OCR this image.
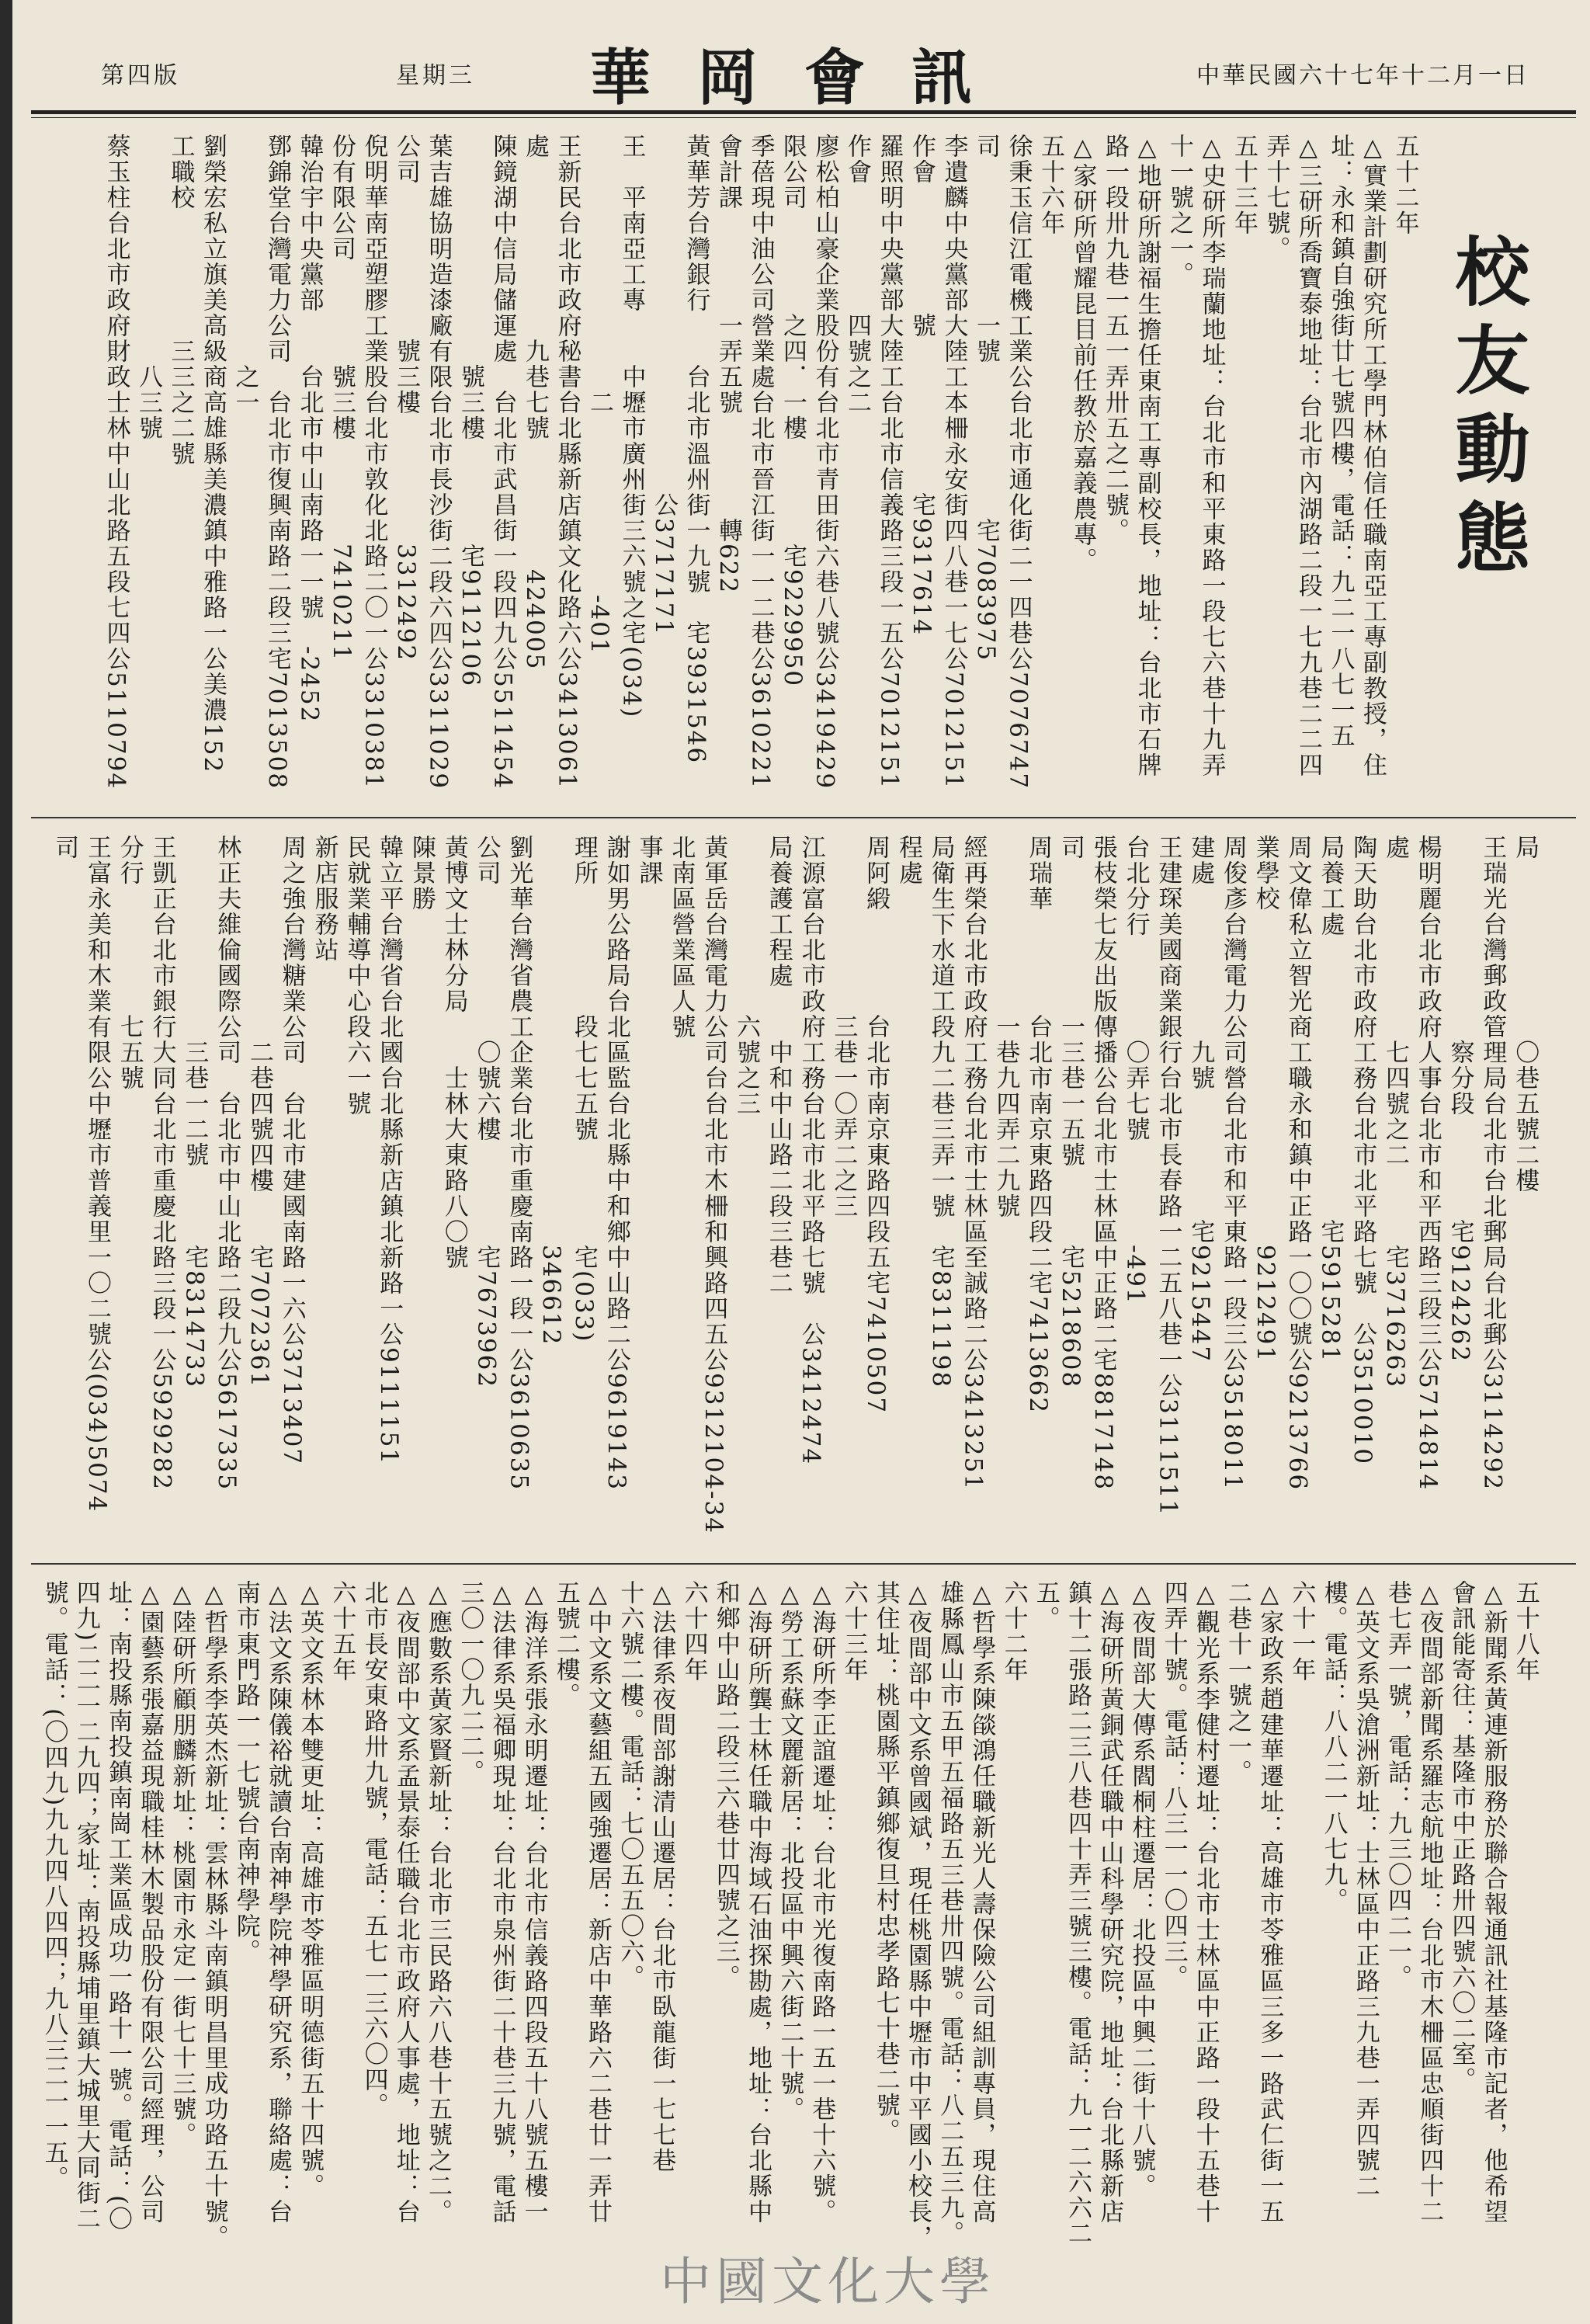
第四版	星期三 華岡會訊	中華民國六十七年十二月一日
校友動態
五十二年
△實業計劃研究所工學門林伯信任職南亞工專副教授，住
址：永和鎮自強街廿七號四樓，電話：九二一八七一五
△三研所喬寶泰地址：台北市內湖路二段一七九巷二二四
弄十七號。
五十三年
△史研所李瑞蘭地址：台北市和平東路一段七六巷十九弄
十一號之一。
△地研所謝福生擔任東南工專副校長，地址：台北市石牌
路一段卅九巷一五一弄卅五之二號。
△家研所曾耀昆目前任教於嘉義農專。
五十六年
徐秉玉信江電機工業公台北市通化街二一四巷公7076747
司　　　　　　一號　　　　　　宅7083975
李遺麟中央黨部大陸工本柵永安街四八巷一七公7012151
作會　　　　　號　　　　　　宅9317614
羅照明中央黨部大陸工台北市信義路三段一五公7012151
作會　　　　　四號之二
廖松柏山豪企業股份有台北市青田街六巷八號公3419429
限公司　　　　之四．一樓　　　　宅9229950
季蓓現中油公司營業處台北市晉江街一一二巷公3610221
會計課　　　　一弄五號　　　　轉622
黃華芳台灣銀行　　台北市溫州街一九號　宅3931546
　　　　　　　　　　　　　　公3717171
王　平南亞工專　　中壢市廣州街三六號之宅(034)
　　　　　　　　　　二　　　　　　　-401
王新民台北市政府秘書台北縣新店鎮文化路六公3413061
處　　　　　　　九巷七號　　　　　424005
陳鏡湖中信局儲運處　台北市武昌街一段四九公5511454
　　　　　　　　　號三樓　　　　宅9112106
葉吉雄協明造漆廠有限台北市長沙街二段六四公3311029
公司　　　　　　號三樓　　　　　3312492
倪明華南亞塑膠工業股台北市敦化北路二〇一公3310381
份有限公司　　　　號三樓　　　　7410211
韓治宇中央黨部　　台北市中山南路一一號　-2452
鄧錦堂台灣電力公司　台北市復興南路二段三宅7013508
　　　　　　　　　之一
劉榮宏私立旗美高級商高雄縣美濃鎮中雅路一公美濃152
工職校　　　　　三三之二號
　　　　　　　　　八三號
蔡玉柱台北市政府財政士林中山北路五段七四公5110794
局　　　　　　　〇巷五號二樓
王瑞光台灣郵政管理局台北市台北郵局台北郵公3114292
　　　　　　　　察分段　　　　宅9124262
楊明麗台北市政府人事台北市和平西路三段三公5714814
處　　　　　　　七四號之二　　　宅3716263
陶天助台北市政府工務台北市北平路七號　公3510010
局養工處　　　　　　　　　　　宅5915281
周文偉私立智光商工職永和鎮中正路一〇〇號公9213766
業學校　　　　　　　　　　　　　9212491
周俊彥台灣電力公司營台北市和平東路一段三公3518011
建處　　　　　　九號　　　　　宅9215447
王建琛美國商業銀行台北市長春路一二五八巷一公3111511
台北分行　　　　〇弄七號　　　　-491
張枝榮七友出版傳播公台北市士林區中正路二宅8817148
司　　　　　　一三巷一五號　　　宅5218608
周瑞華　　　　台北市南京東路四段二宅7413662
　　　　　　　一巷九四弄二九號
經再榮台北市政府工務台北市士林區至誠路二公3413251
局衛生下水道工段九二巷三弄一號　宅8311198
程處
周阿緞　　　　台北市南京東路四段五宅7410507
　　　　　　　三巷一〇弄二之三
江源富台北市政府工務台北市北平路七號　公3412474
局養護工程處　　中和中山路二段三巷二
　　　　　　　六號之三
黃軍岳台灣電力公司台台北市木柵和興路四五公9312104-34
北南區營業區人號
事課
謝如男公路局台北區監台北縣中和鄉中山路二公9619143
理所　　　　　段七七五號　　　　宅(033)
　　　　　　　　　　　　　　　　346612
劉光華台灣省農工企業台北市重慶南路一段一公3610635
公司　　　　　　〇號六樓　　　　宅7673962
黃博文士林分局　　士林大東路八〇號
陳景勝
韓立平台灣省台北國台北縣新店鎮北新路一公9111151
民就業輔導中心段六一號
新店服務站
周之強台灣糖業公司　台北市建國南路一六公3713407
　　　　　　　　二巷四號四樓　　宅7072361
林正夫維倫國際公司　台北市中山北路二段九公5617335
　　　　　　　　三巷一二號　　　宅8314733
王凱正台北市銀行大同台北市重慶北路三段一公5929282
分行　　　　　七五號
王富永美和木業有限公中壢市普義里一〇二號公(034)5074
司
五十八年
△新聞系黃連新服務於聯合報通訊社基隆市記者，他希望
會訊能寄往：基隆市中正路卅四號六〇二室。
△夜間部新聞系羅志航地址：台北市木柵區忠順街四十二
巷七弄一號，電話：九三〇四二一。
△英文系吳滄洲新址：士林區中正路三九巷一弄四號二
樓。電話：八八二一八七九。
六十一年
△家政系趙建華遷址：高雄市苓雅區三多一路武仁街一五
二巷十一號之一。
△觀光系李健村遷址：台北市士林區中正路一段十五巷十
四弄十號。電話：八三一一〇四三。
△夜間部大傳系閻桐柱遷居：北投區中興二街十八號。
△海研所黃銅武任職中山科學研究院，地址：台北縣新店
鎮十二張路二三八巷四十弄三號三樓。電話：九一二六六二
五。
六十二年
△哲學系陳燄鴻任職新光人壽保險公司組訓專員，現住高
雄縣鳳山市五甲五福路五三巷卅四號。電話：八二五三九。
△夜間部中文系曾國斌，現任桃園縣中壢市中平國小校長，
其住址：桃園縣平鎮鄉復旦村忠孝路七十巷二號。
六十三年
△海研所李正誼遷址：台北市光復南路一五一巷十六號。
△勞工系蘇文麗新居：北投區中興六街二十號。
△海研所龔士林任職中海域石油探勘處，地址：台北縣中
和鄉中山路二段三六巷廿四號之三。
六十四年
△法律系夜間部謝清山遷居：台北市臥龍街一七七巷
十六號二樓。電話：七〇五五〇六。
△中文系文藝組五國強遷居：新店中華路六二巷廿一弄廿
五號二樓。
△海洋系張永明遷址：台北市信義路四段五十八號五樓一
△法律系吳福卿現址：台北市泉州街二十巷三九號，電話
三〇一〇九二二。
△應數系黃家賢新址：台北市三民路六八巷十五號之二。
△夜間部中文系孟景泰任職台北市政府人事處，地址：台
北市長安東路卅九號，電話：五七一三六〇四。
六十五年
△英文系林本雙更址：高雄市苓雅區明德街五十四號。
△法文系陳儀裕就讀台南神學院神學研究系，聯絡處：台
南市東門路一一七號台南神學院。
△哲學系李英杰新址：雲林縣斗南鎮明昌里成功路五十號。
△陸研所顧朋麟新址：桃園市永定一街七十三號。
△園藝系張嘉益現職桂林木製品股份有限公司經理，公司
址：南投縣南投鎮南崗工業區成功一路十一號。電話：(〇
四九)二二一二九四；家址：南投縣埔里鎮大城里大同街二
號。電話：(〇四九)九九四八四四；九八三二一一五。
中國文化大學
